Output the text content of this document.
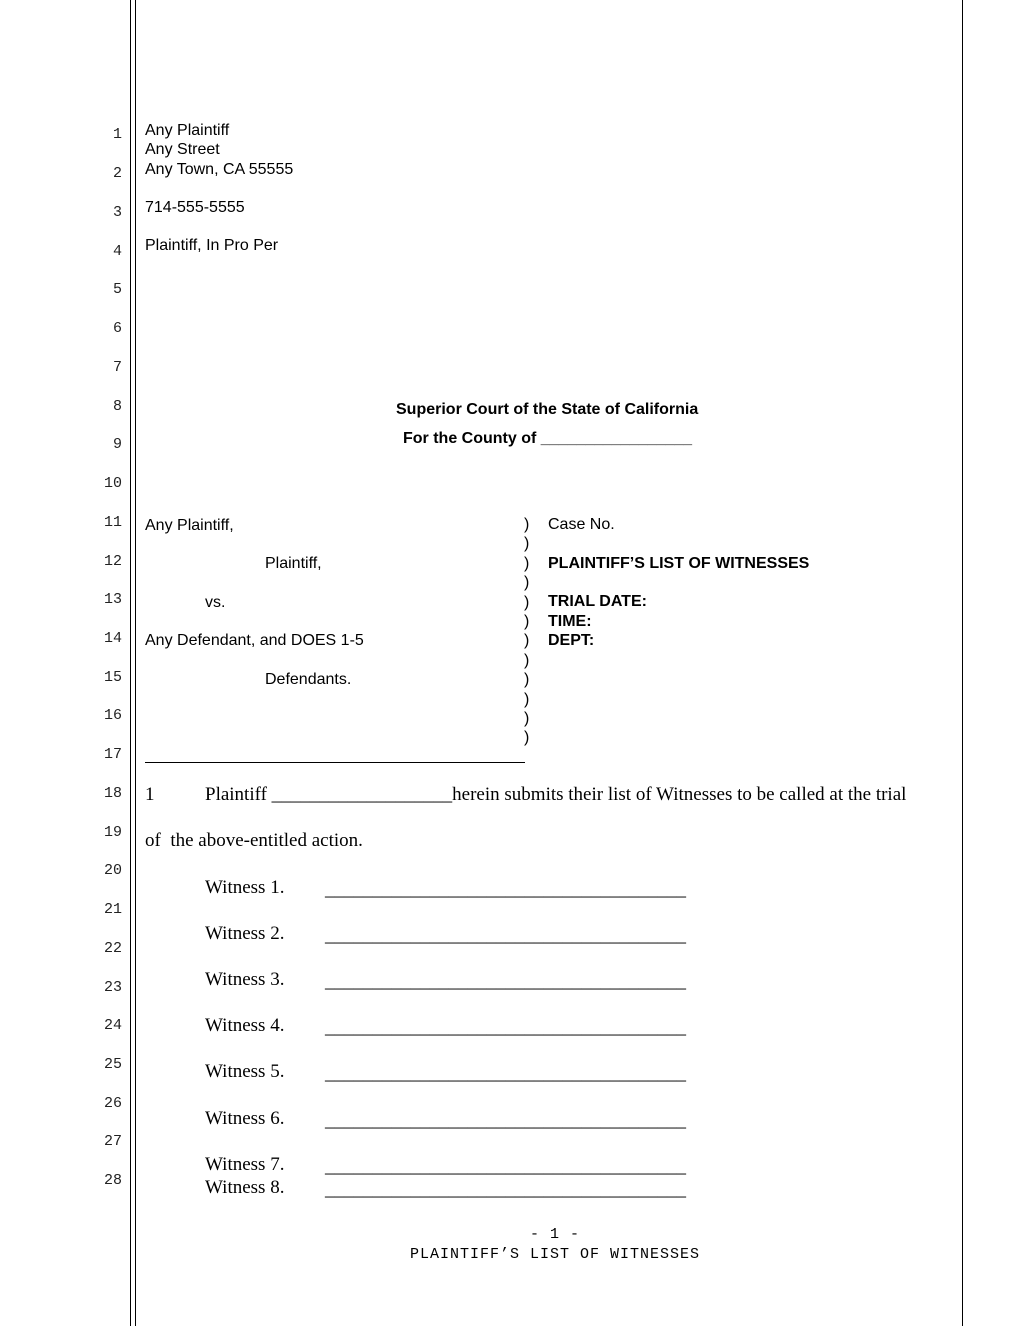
1
2
3
4
5
6
7
8
9
10
11
12
13
14
15
16
17
18
19
20
21
22
23
24
25
26
27
28
Any Plaintiff
Any Street
Any Town, CA 55555
714-555-5555
Plaintiff, In Pro Per
Superior Court of the State of California
For the County of _________________
Any Plaintiff,
Plaintiff,
vs.
Any Defendant, and DOES 1-5
Defendants.
)
)
)
)
)
)
)
)
)
)
)
)
Case No.
PLAINTIFF’S LIST OF WITNESSES
TRIAL DATE:
TIME:
DEPT:
1	Plaintiff ___________________herein submits their list of Witnesses to be called at the trial
of  the above-entitled action.
Witness 1. ______________________________________
Witness 2. ______________________________________
Witness 3. ______________________________________
Witness 4. ______________________________________
Witness 5. ______________________________________
Witness 6. ______________________________________
Witness 7. ______________________________________
Witness 8. ______________________________________
- 1 -
PLAINTIFF’S LIST OF WITNESSES
